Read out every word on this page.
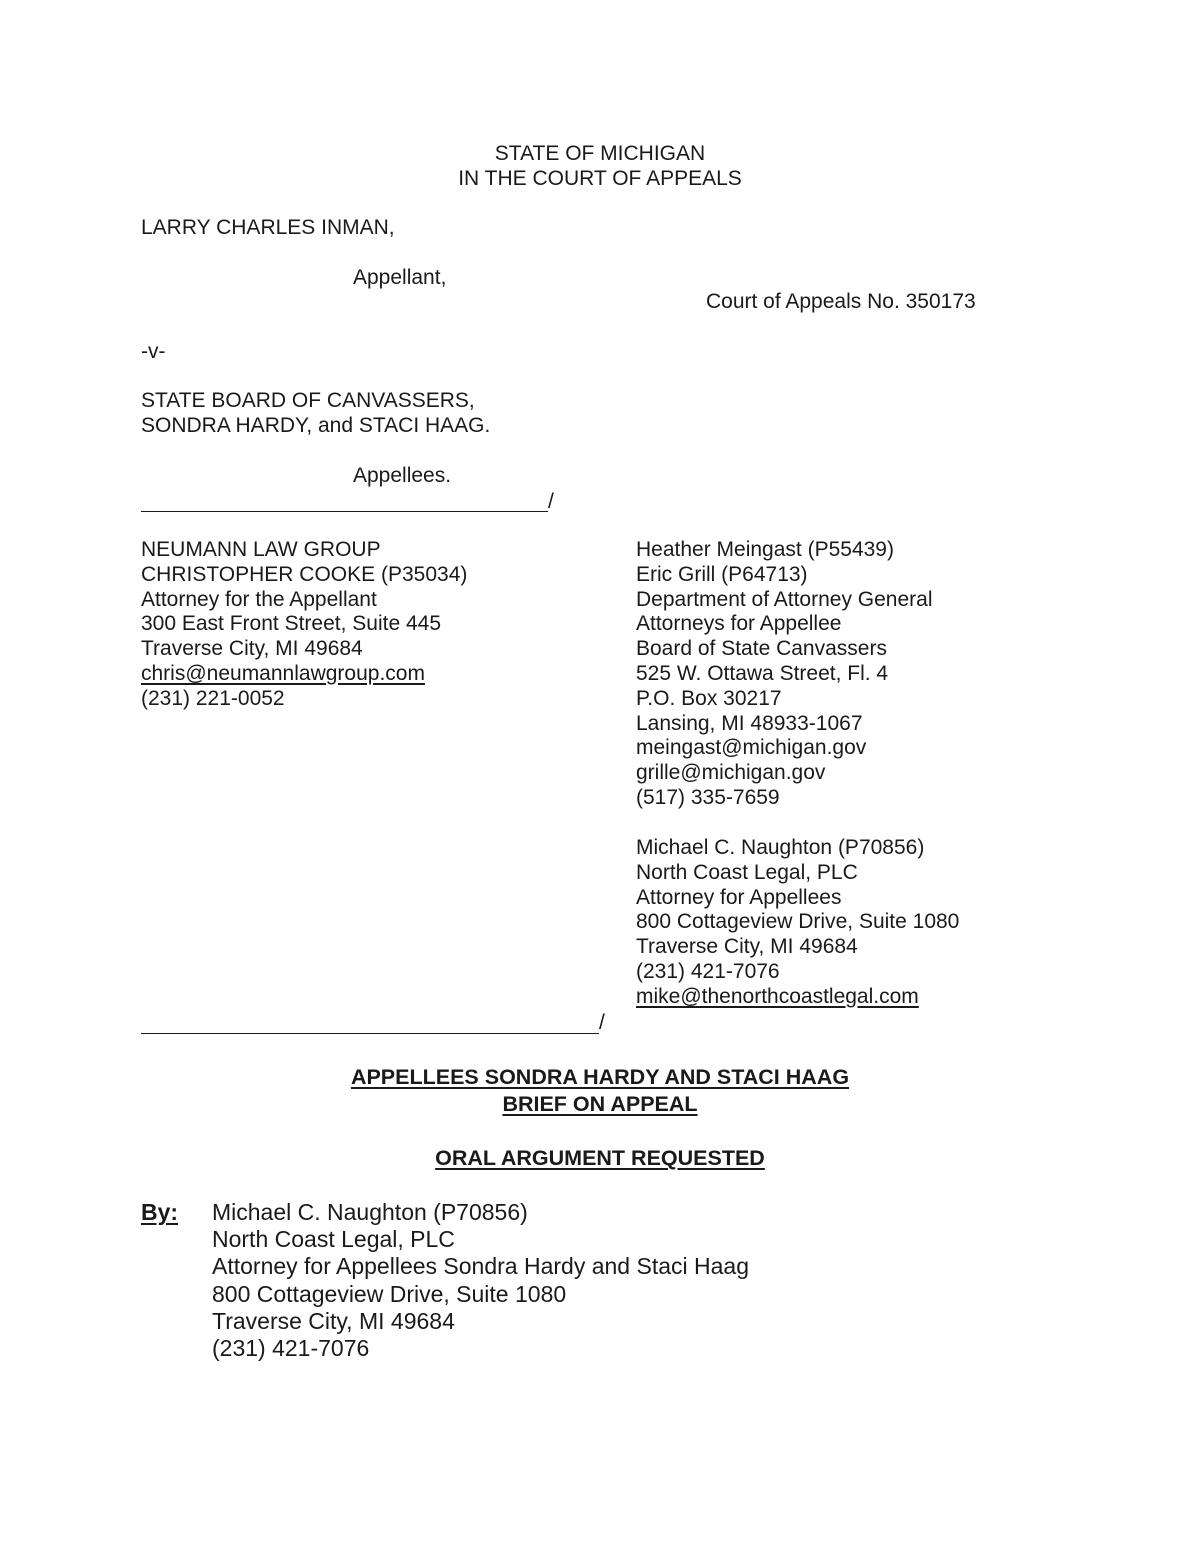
STATE OF MICHIGAN
IN THE COURT OF APPEALS
LARRY CHARLES INMAN,
Appellant,
Court of Appeals No. 350173
-v-
STATE BOARD OF CANVASSERS,
SONDRA HARDY, and STACI HAAG.
Appellees.
/
NEUMANN LAW GROUP
CHRISTOPHER COOKE (P35034)
Attorney for the Appellant
300 East Front Street, Suite 445
Traverse City, MI 49684
chris@neumannlawgroup.com
(231) 221-0052
Heather Meingast (P55439)
Eric Grill (P64713)
Department of Attorney General
Attorneys for Appellee
Board of State Canvassers
525 W. Ottawa Street, Fl. 4
P.O. Box 30217
Lansing, MI 48933-1067
meingast@michigan.gov
grille@michigan.gov
(517) 335-7659
Michael C. Naughton (P70856)
North Coast Legal, PLC
Attorney for Appellees
800 Cottageview Drive, Suite 1080
Traverse City, MI 49684
(231) 421-7076
mike@thenorthcoastlegal.com
/
APPELLEES SONDRA HARDY AND STACI HAAG
BRIEF ON APPEAL
ORAL ARGUMENT REQUESTED
By: Michael C. Naughton (P70856)
North Coast Legal, PLC
Attorney for Appellees Sondra Hardy and Staci Haag
800 Cottageview Drive, Suite 1080
Traverse City, MI 49684
(231) 421-7076
